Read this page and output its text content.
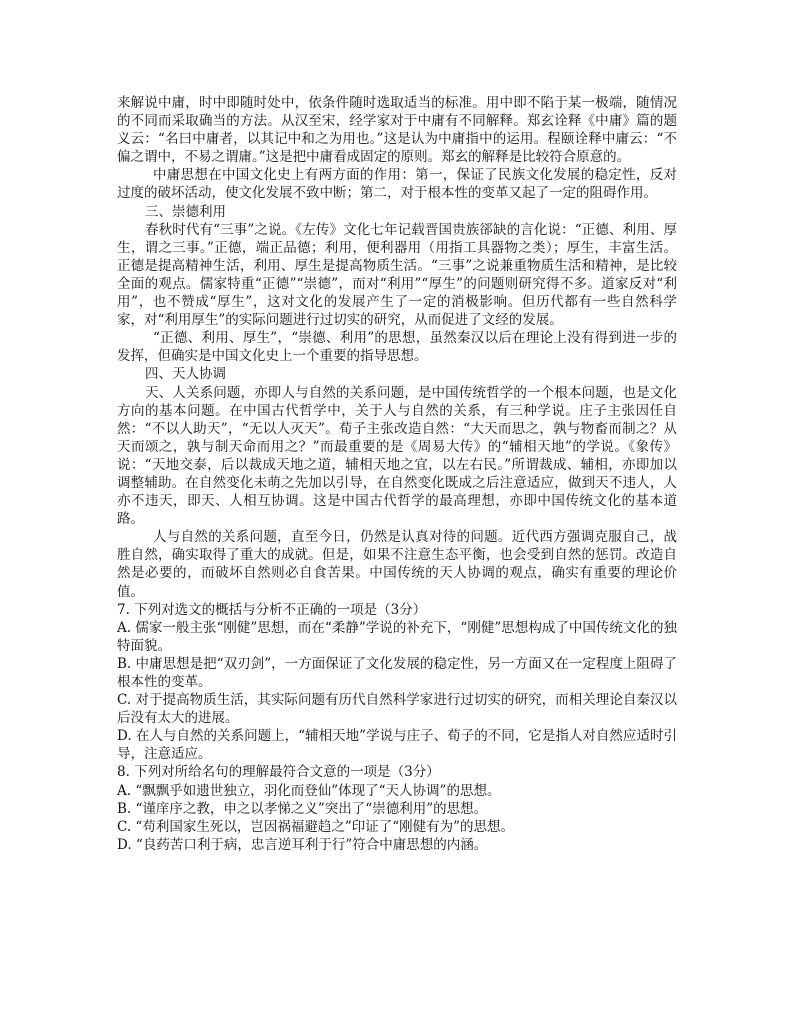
来解说中庸，时中即随时处中，依条件随时选取适当的标准。用中即不陷于某一极端，随情况的不同而采取确当的方法。从汉至宋，经学家对于中庸有不同解释。郑玄诠释《中庸》篇的题义云：“名曰中庸者，以其记中和之为用也。”这是认为中庸指中的运用。程颐诠释中庸云：“不偏之谓中，不易之谓庸。”这是把中庸看成固定的原则。郑玄的解释是比较符合原意的。

中庸思想在中国文化史上有两方面的作用：第一，保证了民族文化发展的稳定性，反对过度的破坏活动，使文化发展不致中断；第二，对于根本性的变革又起了一定的阻碍作用。

三、崇德利用

春秋时代有“三事”之说。《左传》文化七年记载晋国贵族郤缺的言化说：“正德、利用、厚生，谓之三事。”正德，端正品德；利用，便利器用（用指工具器物之类）；厚生，丰富生活。正德是提高精神生活，利用、厚生是提高物质生活。“三事”之说兼重物质生活和精神，是比较全面的观点。儒家特重“正德”“崇德”，而对“利用”“厚生”的问题则研究得不多。道家反对“利用”，也不赞成“厚生”，这对文化的发展产生了一定的消极影响。但历代都有一些自然科学家，对“利用厚生”的实际问题进行过切实的研究，从而促进了文经的发展。

“正德、利用、厚生”，“崇德、利用”的思想，虽然秦汉以后在理论上没有得到进一步的发挥，但确实是中国文化史上一个重要的指导思想。

四、天人协调

天、人关系问题，亦即人与自然的关系问题，是中国传统哲学的一个根本问题，也是文化方向的基本问题。在中国古代哲学中，关于人与自然的关系，有三种学说。庄子主张因任自然：“不以人助天”，“无以人灭天”。荀子主张改造自然：“大天而思之，孰与物畜而制之？从天而颂之，孰与制天命而用之？”而最重要的是《周易大传》的“辅相天地”的学说。《象传》说：“天地交泰，后以裁成天地之道，辅相天地之宜，以左右民。”所谓裁成、辅相，亦即加以调整辅助。在自然变化未萌之先加以引导，在自然变化既成之后注意适应，做到天不违人，人亦不违天，即天、人相互协调。这是中国古代哲学的最高理想，亦即中国传统文化的基本道路。

人与自然的关系问题，直至今日，仍然是认真对待的问题。近代西方强调克服自己，战胜自然，确实取得了重大的成就。但是，如果不注意生态平衡，也会受到自然的惩罚。改造自然是必要的，而破坏自然则必自食苦果。中国传统的天人协调的观点，确实有重要的理论价值。

7. 下列对选文的概括与分析不正确的一项是（3分）

A. 儒家一般主张“刚健”思想，而在“柔静”学说的补充下，“刚健”思想构成了中国传统文化的独特面貌。

B. 中庸思想是把“双刃剑”，一方面保证了文化发展的稳定性，另一方面又在一定程度上阻碍了根本性的变革。

C. 对于提高物质生活，其实际问题有历代自然科学家进行过切实的研究，而相关理论自秦汉以后没有太大的进展。

D. 在人与自然的关系问题上，“辅相天地”学说与庄子、荀子的不同，它是指人对自然应适时引导，注意适应。

8. 下列对所给名句的理解最符合文意的一项是（3分）

A. “飘飘乎如遗世独立，羽化而登仙”体现了“天人协调”的思想。

B. “谨庠序之教，申之以孝悌之义”突出了“崇德利用”的思想。

C. “苟利国家生死以，岂因祸福避趋之”印证了“刚健有为”的思想。

D. “良药苦口利于病，忠言逆耳利于行”符合中庸思想的内涵。
